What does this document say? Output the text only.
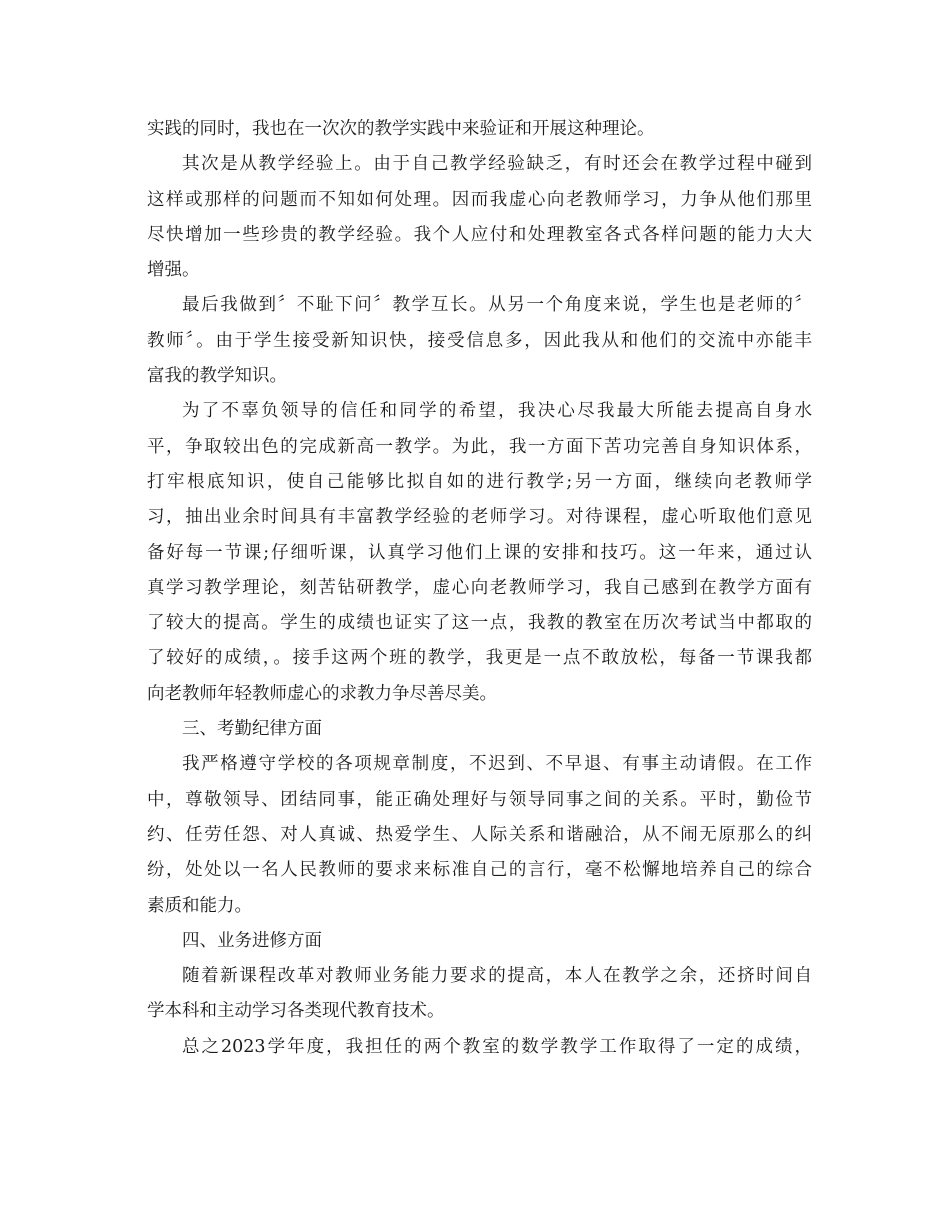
实践的同时，我也在一次次的教学实践中来验证和开展这种理论。
其次是从教学经验上。由于自己教学经验缺乏，有时还会在教学过程中碰到
这样或那样的问题而不知如何处理。因而我虚心向老教师学习，力争从他们那里
尽快增加一些珍贵的教学经验。我个人应付和处理教室各式各样问题的能力大大
增强。
最后我做到〞不耻下问〞教学互长。从另一个角度来说，学生也是老师的〞
教师〞。由于学生接受新知识快，接受信息多，因此我从和他们的交流中亦能丰
富我的教学知识。
为了不辜负领导的信任和同学的希望，我决心尽我最大所能去提高自身水
平，争取较出色的完成新高一教学。为此，我一方面下苦功完善自身知识体系，
打牢根底知识，使自己能够比拟自如的进行教学;另一方面，继续向老教师学
习，抽出业余时间具有丰富教学经验的老师学习。对待课程，虚心听取他们意见
备好每一节课;仔细听课，认真学习他们上课的安排和技巧。这一年来，通过认
真学习教学理论，刻苦钻研教学，虚心向老教师学习，我自己感到在教学方面有
了较大的提高。学生的成绩也证实了这一点，我教的教室在历次考试当中都取的
了较好的成绩，。接手这两个班的教学，我更是一点不敢放松，每备一节课我都
向老教师年轻教师虚心的求教力争尽善尽美。
三、考勤纪律方面
我严格遵守学校的各项规章制度，不迟到、不早退、有事主动请假。在工作
中，尊敬领导、团结同事，能正确处理好与领导同事之间的关系。平时，勤俭节
约、任劳任怨、对人真诚、热爱学生、人际关系和谐融洽，从不闹无原那么的纠
纷，处处以一名人民教师的要求来标准自己的言行，毫不松懈地培养自己的综合
素质和能力。
四、业务进修方面
随着新课程改革对教师业务能力要求的提高，本人在教学之余，还挤时间自
学本科和主动学习各类现代教育技术。
总之2023学年度，我担任的两个教室的数学教学工作取得了一定的成绩，
